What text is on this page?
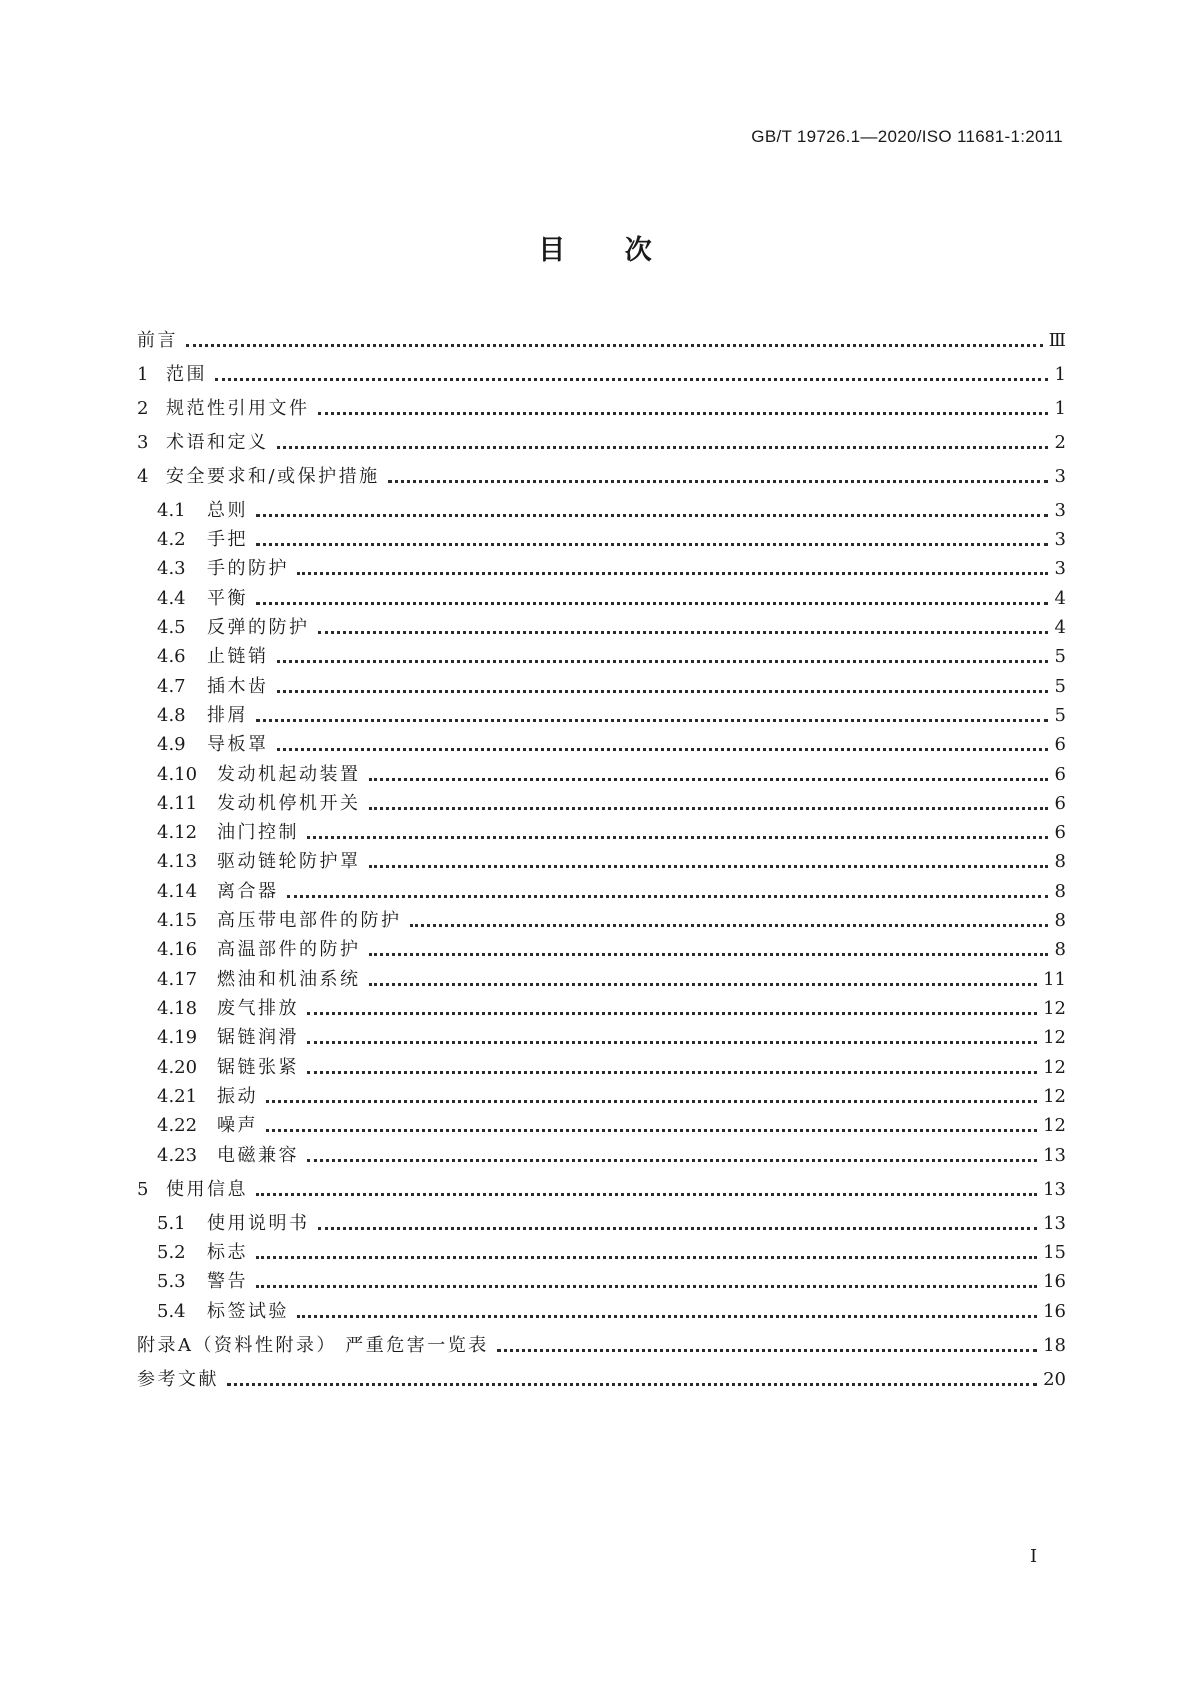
GB/T 19726.1—2020/ISO 11681-1:2011
目 次
前言	Ⅲ
1 范围	1
2 规范性引用文件	1
3 术语和定义	2
4 安全要求和/或保护措施	3
4.1	总则	3
4.2	手把	3
4.3	手的防护	3
4.4	平衡	4
4.5	反弹的防护	4
4.6	止链销	5
4.7	插木齿	5
4.8	排屑	5
4.9	导板罩	6
4.10	发动机起动装置	6
4.11	发动机停机开关	6
4.12	油门控制	6
4.13	驱动链轮防护罩	8
4.14	离合器	8
4.15	高压带电部件的防护	8
4.16	高温部件的防护	8
4.17	燃油和机油系统	11
4.18	废气排放	12
4.19	锯链润滑	12
4.20	锯链张紧	12
4.21	振动	12
4.22	噪声	12
4.23	电磁兼容	13
5 使用信息	13
5.1	使用说明书	13
5.2	标志	15
5.3	警告	16
5.4	标签试验	16
附录A（资料性附录） 严重危害一览表	18
参考文献	20
I
